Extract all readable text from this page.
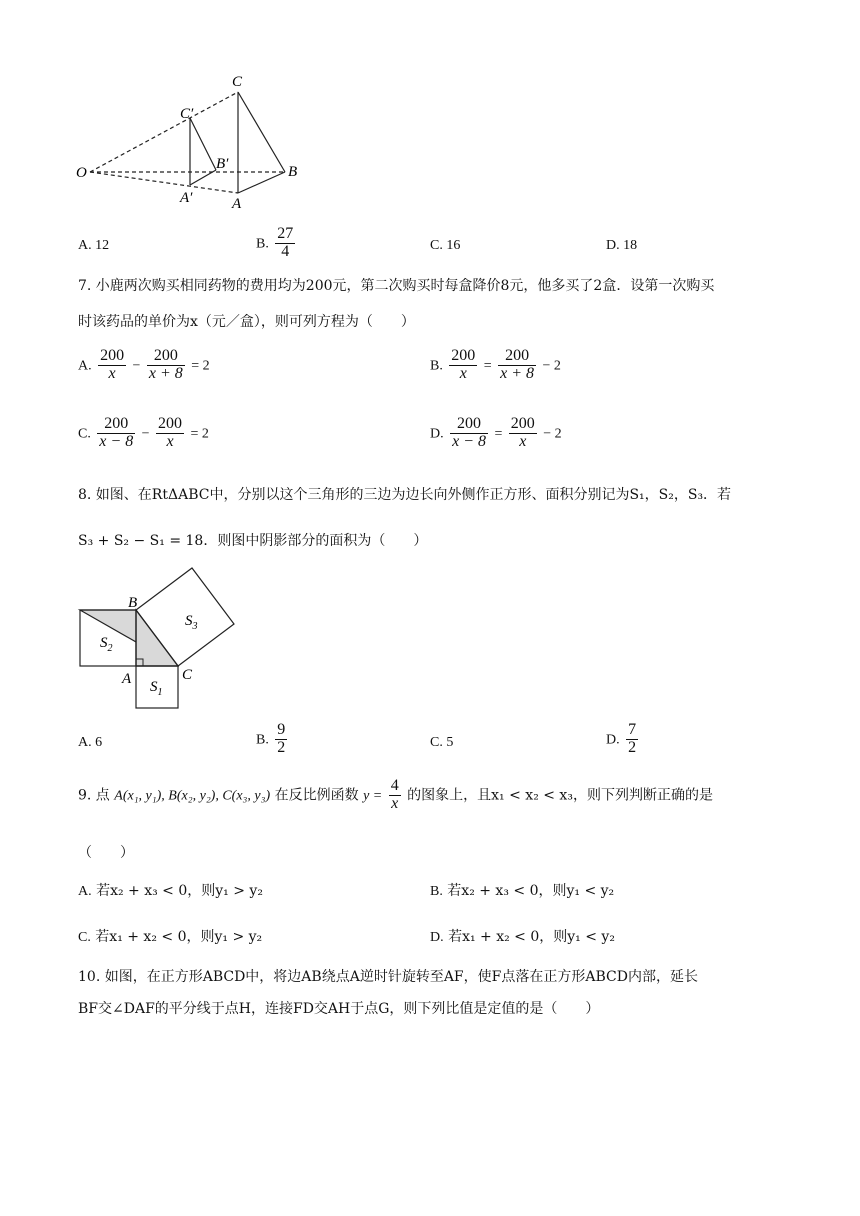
C
C′
O
B′	B
A′	A
A. 12	B. $\frac{27}{4}$	C. 16	D. 18
7. 小鹿两次购买相同药物的费用均为200元，第二次购买时每盒降价8元，他多买了2盒．设第一次购买
时该药品的单价为x（元／盒），则可列方程为（　　）
A. $\frac{200}{x} - \frac{200}{x + 8} = 2$	B. $\frac{200}{x} = \frac{200}{x + 8} - 2$
C. $\frac{200}{x - 8} - \frac{200}{x} = 2$	D. $\frac{200}{x - 8} = \frac{200}{x} - 2$
8. 如图、在RtΔABC中，分别以这个三角形的三边为边长向外侧作正方形、面积分别记为S₁，S₂，S₃．若
S₃ + S₂ − S₁ = 18．则图中阴影部分的面积为（　　）
B
$S_3$
$S_2$
A	C
$S_1$
A. 6	B. $\frac{9}{2}$	C. 5	D. $\frac{7}{2}$
9. 点 A(x₁, y₁), B(x₂, y₂), C(x₃, y₃) 在反比例函数 $y = \frac{4}{x}$ 的图象上，且x₁ < x₂ < x₃，则下列判断正确的是
（　　）
A. 若x₂ + x₃ < 0，则y₁ > y₂	B. 若x₂ + x₃ < 0，则y₁ < y₂
C. 若x₁ + x₂ < 0，则y₁ > y₂	D. 若x₁ + x₂ < 0，则y₁ < y₂
10. 如图，在正方形ABCD中，将边AB绕点A逆时针旋转至AF，使F点落在正方形ABCD内部，延长
BF交∠DAF的平分线于点H，连接FD交AH于点G，则下列比值是定值的是（　　）
